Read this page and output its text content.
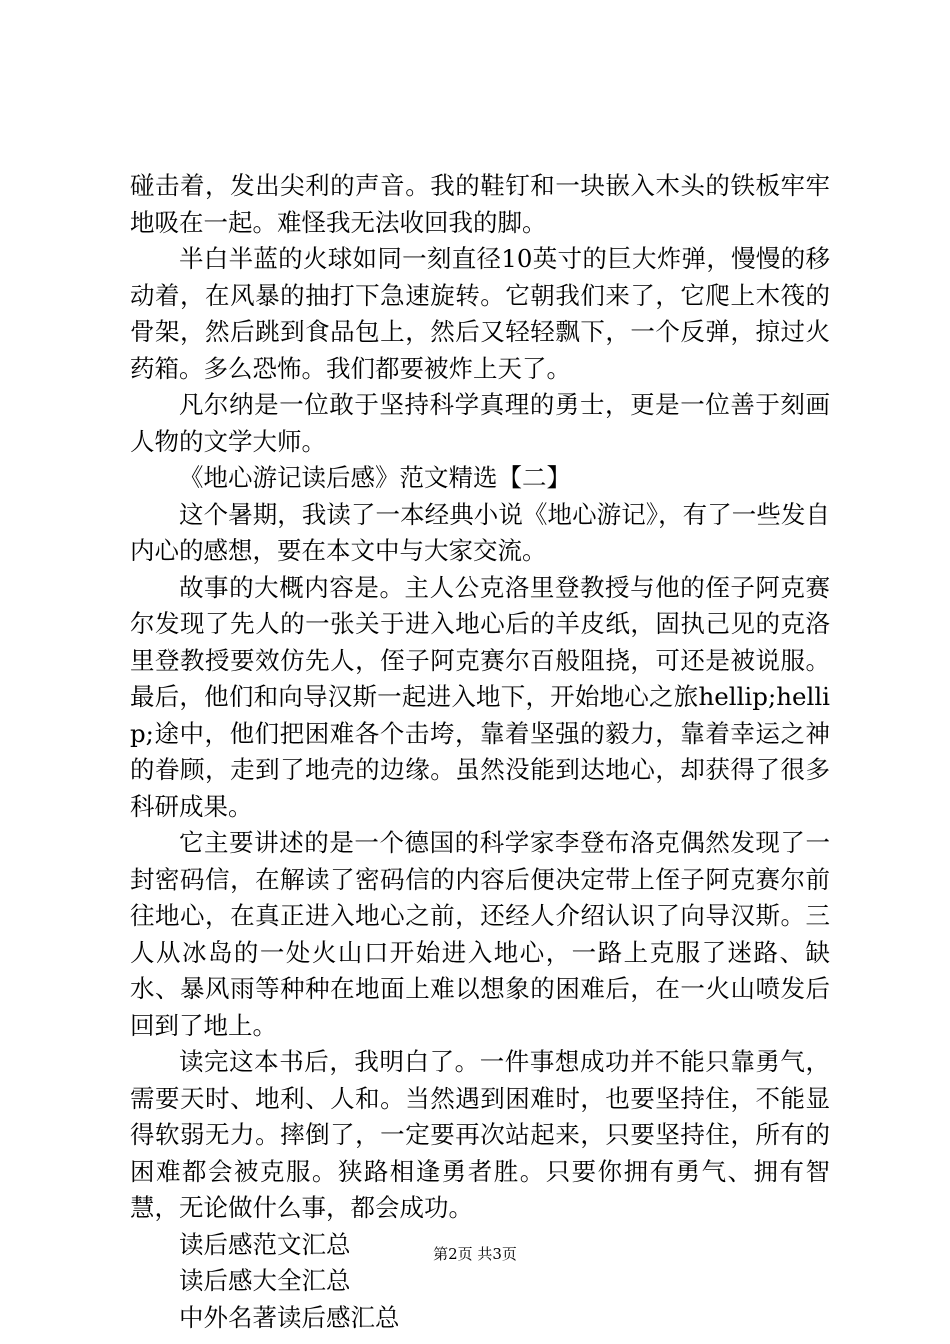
碰击着，发出尖利的声音。我的鞋钉和一块嵌入木头的铁板牢牢地吸在一起。难怪我无法收回我的脚。

半白半蓝的火球如同一刻直径10英寸的巨大炸弹，慢慢的移动着，在风暴的抽打下急速旋转。它朝我们来了，它爬上木筏的骨架，然后跳到食品包上，然后又轻轻飘下，一个反弹，掠过火药箱。多么恐怖。我们都要被炸上天了。

凡尔纳是一位敢于坚持科学真理的勇士，更是一位善于刻画人物的文学大师。

《地心游记读后感》范文精选【二】

这个暑期，我读了一本经典小说《地心游记》，有了一些发自内心的感想，要在本文中与大家交流。

故事的大概内容是。主人公克洛里登教授与他的侄子阿克赛尔发现了先人的一张关于进入地心后的羊皮纸，固执己见的克洛里登教授要效仿先人，侄子阿克赛尔百般阻挠，可还是被说服。最后，他们和向导汉斯一起进入地下，开始地心之旅hellip;hellip;途中，他们把困难各个击垮，靠着坚强的毅力，靠着幸运之神的眷顾，走到了地壳的边缘。虽然没能到达地心，却获得了很多科研成果。

它主要讲述的是一个德国的科学家李登布洛克偶然发现了一封密码信，在解读了密码信的内容后便决定带上侄子阿克赛尔前往地心，在真正进入地心之前，还经人介绍认识了向导汉斯。三人从冰岛的一处火山口开始进入地心，一路上克服了迷路、缺水、暴风雨等种种在地面上难以想象的困难后，在一火山喷发后回到了地上。

读完这本书后，我明白了。一件事想成功并不能只靠勇气，需要天时、地利、人和。当然遇到困难时，也要坚持住，不能显得软弱无力。摔倒了，一定要再次站起来，只要坚持住，所有的困难都会被克服。狭路相逢勇者胜。只要你拥有勇气、拥有智慧，无论做什么事，都会成功。

读后感范文汇总

读后感大全汇总

中外名著读后感汇总

第2页 共3页
